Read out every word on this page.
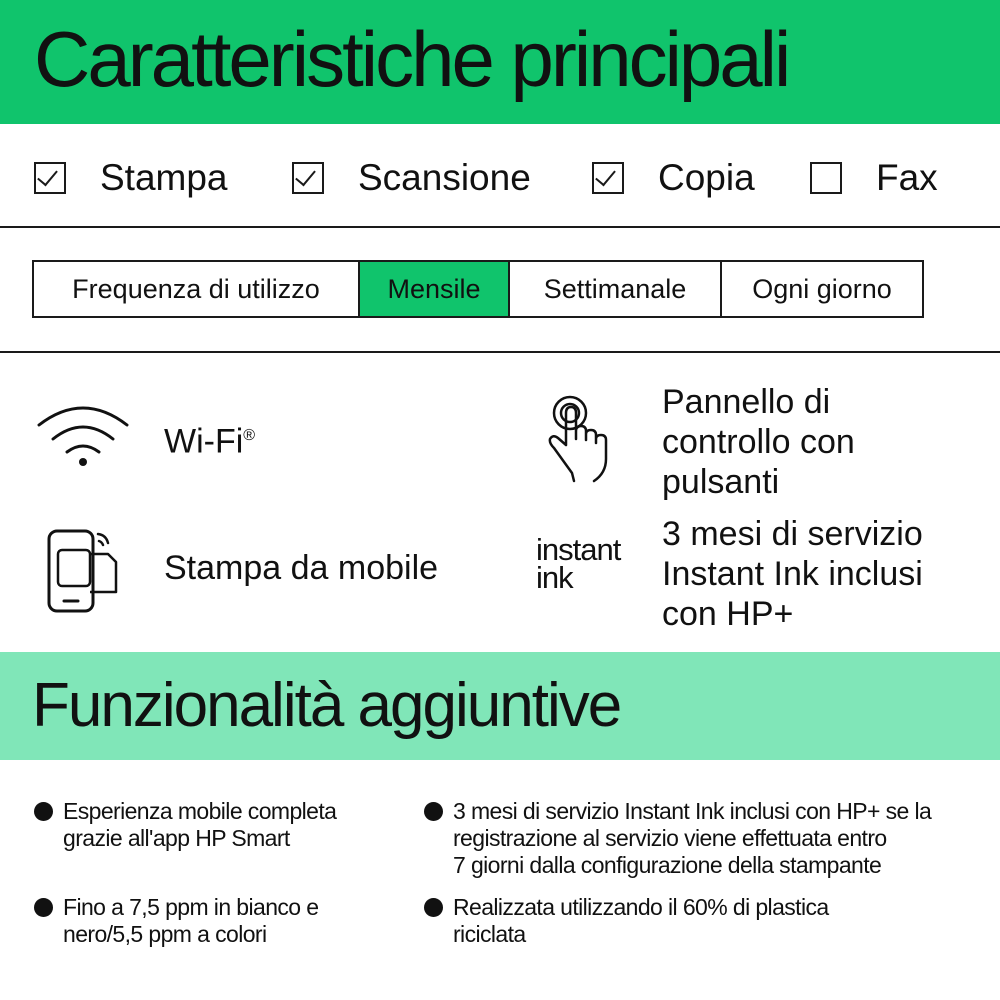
Caratteristiche principali
Stampa	Scansione	Copia	Fax
Frequenza di utilizzo	Mensile	Settimanale	Ogni giorno
Wi-Fi®
Stampa da mobile
Pannello di
controllo con
pulsanti
instant
ink
3 mesi di servizio
Instant Ink inclusi
con HP+
Funzionalità aggiuntive
Esperienza mobile completa
grazie all'app HP Smart
3 mesi di servizio Instant Ink inclusi con HP+ se la
registrazione al servizio viene effettuata entro
7 giorni dalla configurazione della stampante
Fino a 7,5 ppm in bianco e
nero/5,5 ppm a colori
Realizzata utilizzando il 60% di plastica
riciclata
